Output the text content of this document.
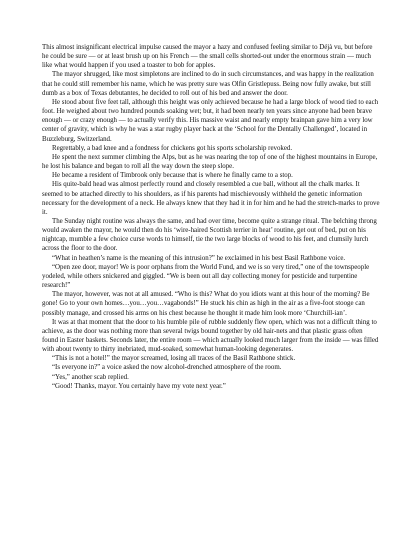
This almost insignificant electrical impulse caused the mayor a hazy and confused feeling similar to Déjà vu, but before he could be sure — or at least brush up on his French — the small cells shorted-out under the enormous strain — much like what would happen if you used a toaster to bob for apples.

The mayor shrugged, like most simpletons are inclined to do in such circumstances, and was happy in the realization that he could still remember his name, which he was pretty sure was Olfin Gristlepuss. Being now fully awake, but still dumb as a box of Texas debutantes, he decided to roll out of his bed and answer the door.

He stood about five feet tall, although this height was only achieved because he had a large block of wood tied to each foot. He weighed about two hundred pounds soaking wet; but, it had been nearly ten years since anyone had been brave enough — or crazy enough — to actually verify this. His massive waist and nearly empty brainpan gave him a very low center of gravity, which is why he was a star rugby player back at the ‘School for the Dentally Challenged’, located in Buzzleburg, Switzerland.

Regrettably, a bad knee and a fondness for chickens got his sports scholarship revoked.

He spent the next summer climbing the Alps, but as he was nearing the top of one of the highest mountains in Europe, he lost his balance and began to roll all the way down the steep slope.

He became a resident of Timbrook only because that is where he finally came to a stop.

His quite-bald head was almost perfectly round and closely resembled a cue ball, without all the chalk marks. It seemed to be attached directly to his shoulders, as if his parents had mischievously withheld the genetic information necessary for the development of a neck. He always knew that they had it in for him and he had the stretch-marks to prove it.

The Sunday night routine was always the same, and had over time, become quite a strange ritual. The belching throng would awaken the mayor, he would then do his ‘wire-haired Scottish terrier in heat’ routine, get out of bed, put on his nightcap, mumble a few choice curse words to himself, tie the two large blocks of wood to his feet, and clumsily lurch across the floor to the door.

“What in heathen’s name is the meaning of this intrusion?” he exclaimed in his best Basil Rathbone voice.

“Open zee door, mayor! We is poor orphans from the World Fund, and we is so very tired,” one of the townspeople yodeled, while others snickered and giggled. “We is been out all day collecting money for pesticide and turpentine research!”

The mayor, however, was not at all amused. “Who is this? What do you idiots want at this hour of the morning? Be gone! Go to your own homes…you…you…vagabonds!” He stuck his chin as high in the air as a five-foot stooge can possibly manage, and crossed his arms on his chest because he thought it made him look more ‘Churchill-ian’.

It was at that moment that the door to his humble pile of rubble suddenly flew open, which was not a difficult thing to achieve, as the door was nothing more than several twigs bound together by old hair-nets and that plastic grass often found in Easter baskets. Seconds later, the entire room — which actually looked much larger from the inside — was filled with about twenty to thirty inebriated, mud-soaked, somewhat human-looking degenerates.

“This is not a hotel!” the mayor screamed, losing all traces of the Basil Rathbone shtick.

“Is everyone in?” a voice asked the now alcohol-drenched atmosphere of the room.

“Yes,” another scab replied.

“Good! Thanks, mayor. You certainly have my vote next year.”
